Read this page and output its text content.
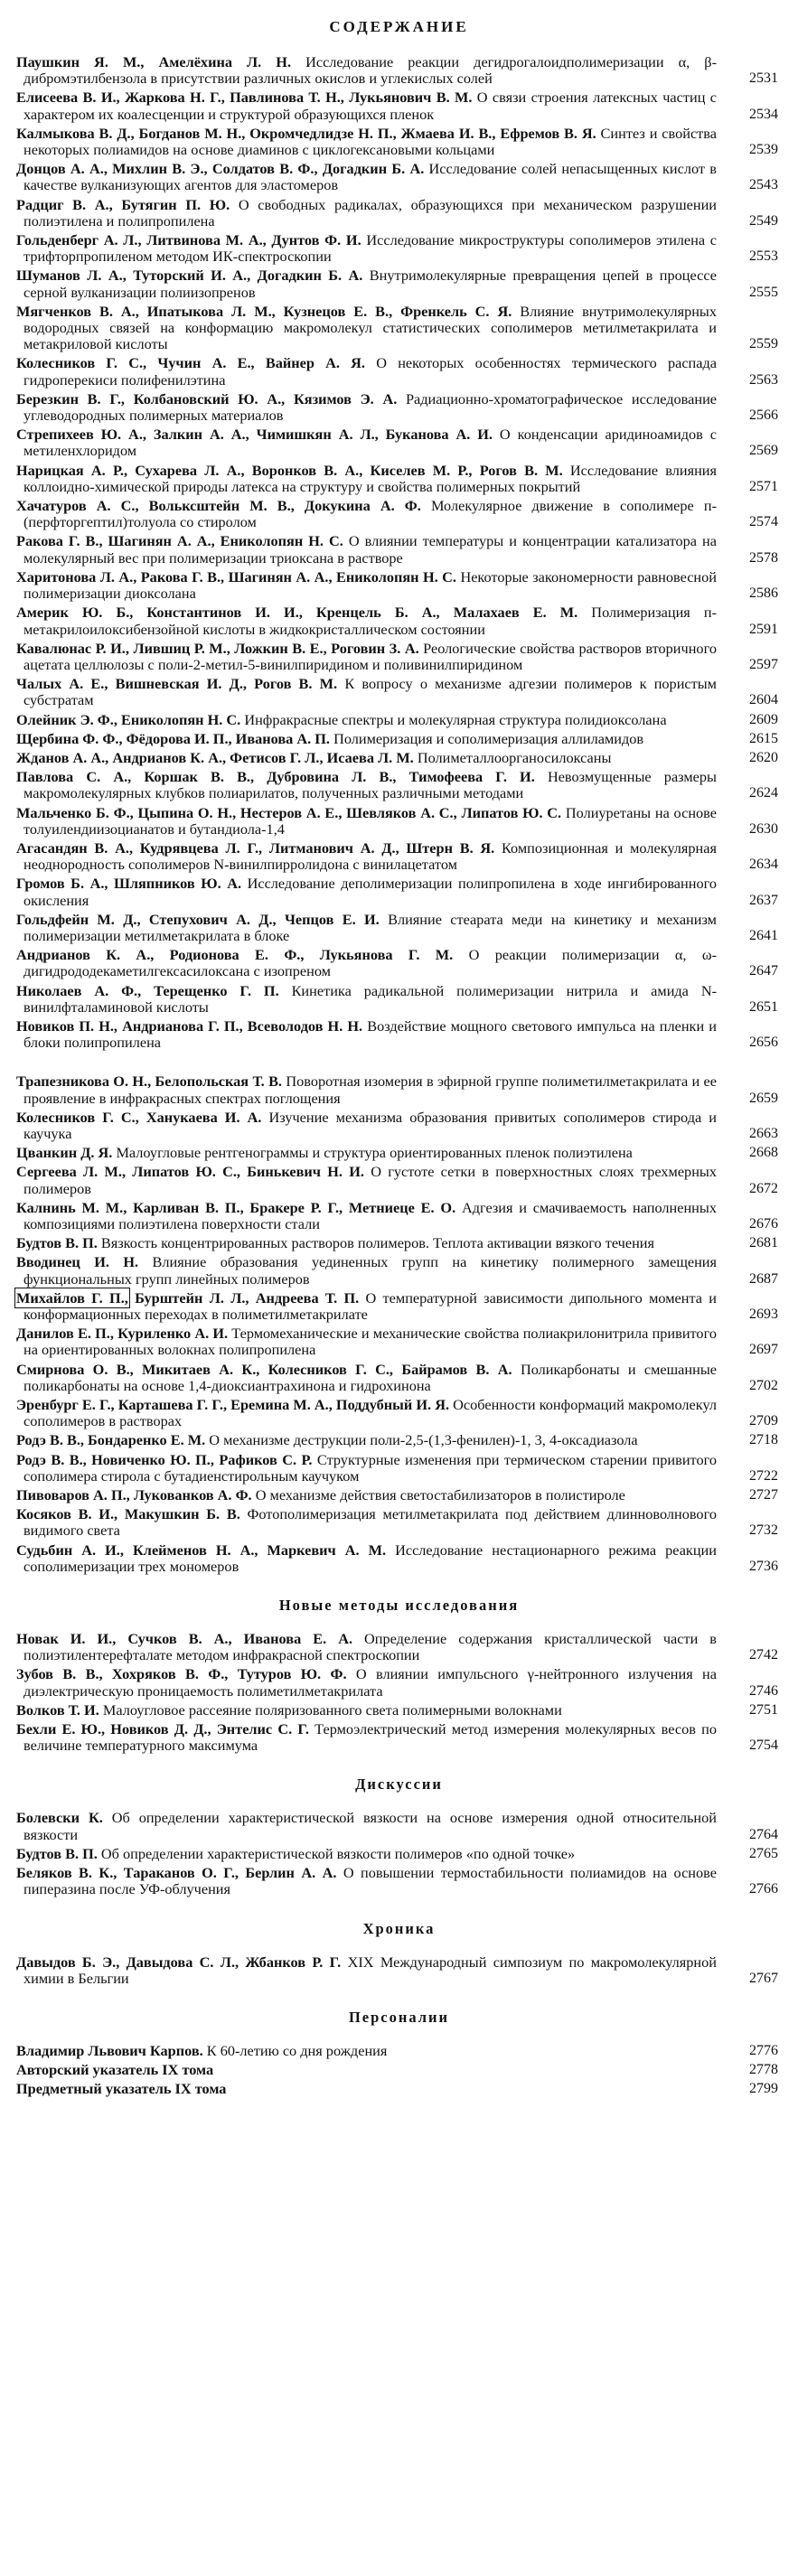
СОДЕРЖАНИЕ
Паушкин Я. М., Амелёхина Л. Н. Исследование реакции дегидрогалоидполимеризации α, β-дибромэтилбензола в присутствии различных окислов и углекислых солей	2531
Елисеева В. И., Жаркова Н. Г., Павлинова Т. Н., Лукьянович В. М. О связи строения латексных частиц с характером их коалесценции и структурой образующихся пленок	2534
Калмыкова В. Д., Богданов М. Н., Окромчедлидзе Н. П., Жмаева И. В., Ефремов В. Я. Синтез и свойства некоторых полиамидов на основе диаминов с циклогексановыми кольцами	2539
Донцов А. А., Михлин В. Э., Солдатов В. Ф., Догадкин Б. А. Исследование солей непасыщенных кислот в качестве вулканизующих агентов для эластомеров	2543
Радциг В. А., Бутягин П. Ю. О свободных радикалах, образующихся при механическом разрушении полиэтилена и полипропилена	2549
Гольденберг А. Л., Литвинова М. А., Дунтов Ф. И. Исследование микроструктуры сополимеров этилена с трифторпропиленом методом ИК-спектроскопии	2553
Шуманов Л. А., Туторский И. А., Догадкин Б. А. Внутримолекулярные превращения цепей в процессе серной вулканизации полиизопренов	2555
Мягченков В. А., Ипатыкова Л. М., Кузнецов Е. В., Френкель С. Я. Влияние внутримолекулярных водородных связей на конформацию макромолекул статистических сополимеров метилметакрилата и метакриловой кислоты	2559
Колесников Г. С., Чучин А. Е., Вайнер А. Я. О некоторых особенностях термического распада гидроперекиси полифенилэтина	2563
Березкин В. Г., Колбановский Ю. А., Кязимов Э. А. Радиационно-хроматографическое исследование углеводородных полимерных материалов	2566
Стрепихеев Ю. А., Залкин А. А., Чимишкян А. Л., Буканова А. И. О конденсации аридиноамидов с метиленхлоридом	2569
Нарицкая А. Р., Сухарева Л. А., Воронков В. А., Киселев М. Р., Рогов В. М. Исследование влияния коллоидно-химической природы латекса на структуру и свойства полимерных покрытий	2571
Хачатуров А. С., Вольксштейн М. В., Докукина А. Ф. Молекулярное движение в сополимере п-(перфторгептил)толуола со стиролом	2574
Ракова Г. В., Шагинян А. А., Ениколопян Н. С. О влиянии температуры и концентрации катализатора на молекулярный вес при полимеризации триоксана в растворе	2578
Харитонова Л. А., Ракова Г. В., Шагинян А. А., Ениколопян Н. С. Некоторые закономерности равновесной полимеризации диоксолана	2586
Америк Ю. Б., Константинов И. И., Кренцель Б. А., Малахаев Е. М. Полимеризация п-метакрилоилоксибензойной кислоты в жидкокристаллическом состоянии	2591
Кавалюнас Р. И., Лившиц Р. М., Ложкин В. Е., Роговин З. А. Реологические свойства растворов вторичного ацетата целлюлозы с поли-2-метил-5-винилпиридином и поливинилпиридином	2597
Чалых А. Е., Вишневская И. Д., Рогов В. М. К вопросу о механизме адгезии полимеров к пористым субстратам	2604
Олейник Э. Ф., Ениколопян Н. С. Инфракрасные спектры и молекулярная структура полидиоксолана	2609
Щербина Ф. Ф., Фёдорова И. П., Иванова А. П. Полимеризация и сополимеризация аллиламидов	2615
Жданов А. А., Андрианов К. А., Фетисов Г. Л., Исаева Л. М. Полиметаллоорганосилоксаны	2620
Павлова С. А., Коршак В. В., Дубровина Л. В., Тимофеева Г. И. Невозмущенные размеры макромолекулярных клубков полиарилатов, полученных различными методами	2624
Мальченко Б. Ф., Цыпина О. Н., Нестеров А. Е., Шевляков А. С., Липатов Ю. С. Полиуретаны на основе толуилендиизоцианатов и бутандиола-1,4	2630
Агасандян В. А., Кудрявцева Л. Г., Литманович А. Д., Штерн В. Я. Композиционная и молекулярная неоднородность сополимеров N-винилпирролидона с винилацетатом	2634
Громов Б. А., Шляпников Ю. А. Исследование деполимеризации полипропилена в ходе ингибированного окисления	2637
Гольдфейн М. Д., Степухович А. Д., Чепцов Е. И. Влияние стеарата меди на кинетику и механизм полимеризации метилметакрилата в блоке	2641
Андрианов К. А., Родионова Е. Ф., Лукьянова Г. М. О реакции полимеризации α, ω-дигидрододекаметилгексасилоксана с изопреном	2647
Николаев А. Ф., Терещенко Г. П. Кинетика радикальной полимеризации нитрила и амида N-винилфталаминовой кислоты	2651
Новиков П. Н., Андрианова Г. П., Всеволодов Н. Н. Воздействие мощного светового импульса на пленки и блоки полипропилена	2656
Трапезникова О. Н., Белопольская Т. В. Поворотная изомерия в эфирной группе полиметилметакрилата и ее проявление в инфракрасных спектрах поглощения	2659
Колесников Г. С., Ханукаева И. А. Изучение механизма образования привитых сополимеров стирода и каучука	2663
Цванкин Д. Я. Малоугловые рентгенограммы и структура ориентированных пленок полиэтилена	2668
Сергеева Л. М., Липатов Ю. С., Бинькевич Н. И. О густоте сетки в поверхностных слоях трехмерных полимеров	2672
Калнинь М. М., Карливан В. П., Бракере Р. Г., Метниеце Е. О. Адгезия и смачиваемость наполненных композициями полиэтилена поверхности стали	2676
Будтов В. П. Вязкость концентрированных растворов полимеров. Теплота активации вязкого течения	2681
Вводинец И. Н. Влияние образования уединенных групп на кинетику полимерного замещения функциональных групп линейных полимеров	2687
Михайлов Г. П., Бурштейн Л. Л., Андреева Т. П. О температурной зависимости дипольного момента и конформационных переходах в полиметилметакрилате	2693
Данилов Е. П., Куриленко А. И. Термомеханические и механические свойства полиакрилонитрила привитого на ориентированных волокнах полипропилена	2697
Смирнова О. В., Микитаев А. К., Колесников Г. С., Байрамов В. А. Поликарбонаты и смешанные поликарбонаты на основе 1,4-диоксиантрахинона и гидрохинона	2702
Эренбург Е. Г., Карташева Г. Г., Еремина М. А., Поддубный И. Я. Особенности конформаций макромолекул сополимеров в растворах	2709
Родэ В. В., Бондаренко Е. М. О механизме деструкции поли-2,5-(1,3-фенилен)-1, 3, 4-оксадиазола	2718
Родэ В. В., Новиченко Ю. П., Рафиков С. Р. Структурные изменения при термическом старении привитого сополимера стирола с бутадиенстирольным каучуком	2722
Пивоваров А. П., Лукованков А. Ф. О механизме действия светостабилизаторов в полистироле	2727
Косяков В. И., Макушкин Б. В. Фотополимеризация метилметакрилата под действием длинноволнового видимого света	2732
Судьбин А. И., Клейменов Н. А., Маркевич А. М. Исследование нестационарного режима реакции сополимеризации трех мономеров	2736
Новые методы исследования
Новак И. И., Сучков В. А., Иванова Е. А. Определение содержания кристаллической части в полиэтилентерефталате методом инфракрасной спектроскопии	2742
Зубов В. В., Хохряков В. Ф., Тутуров Ю. Ф. О влиянии импульсного γ-нейтронного излучения на диэлектрическую проницаемость полиметилметакрилата	2746
Волков Т. И. Малоугловое рассеяние поляризованного света полимерными волокнами	2751
Бехли Е. Ю., Новиков Д. Д., Энтелис С. Г. Термоэлектрический метод измерения молекулярных весов по величине температурного максимума	2754
Дискуссии
Болевски К. Об определении характеристической вязкости на основе измерения одной относительной вязкости	2764
Будтов В. П. Об определении характеристической вязкости полимеров «по одной точке»	2765
Беляков В. К., Тараканов О. Г., Берлин А. А. О повышении термостабильности полиамидов на основе пиперазина после УФ-облучения	2766
Хроника
Давыдов Б. Э., Давыдова С. Л., Жбанков Р. Г. XIX Международный симпозиум по макромолекулярной химии в Бельгии	2767
Персоналии
Владимир Львович Карпов. К 60-летию со дня рождения	2776
Авторский указатель IX тома	2778
Предметный указатель IX тома	2799
